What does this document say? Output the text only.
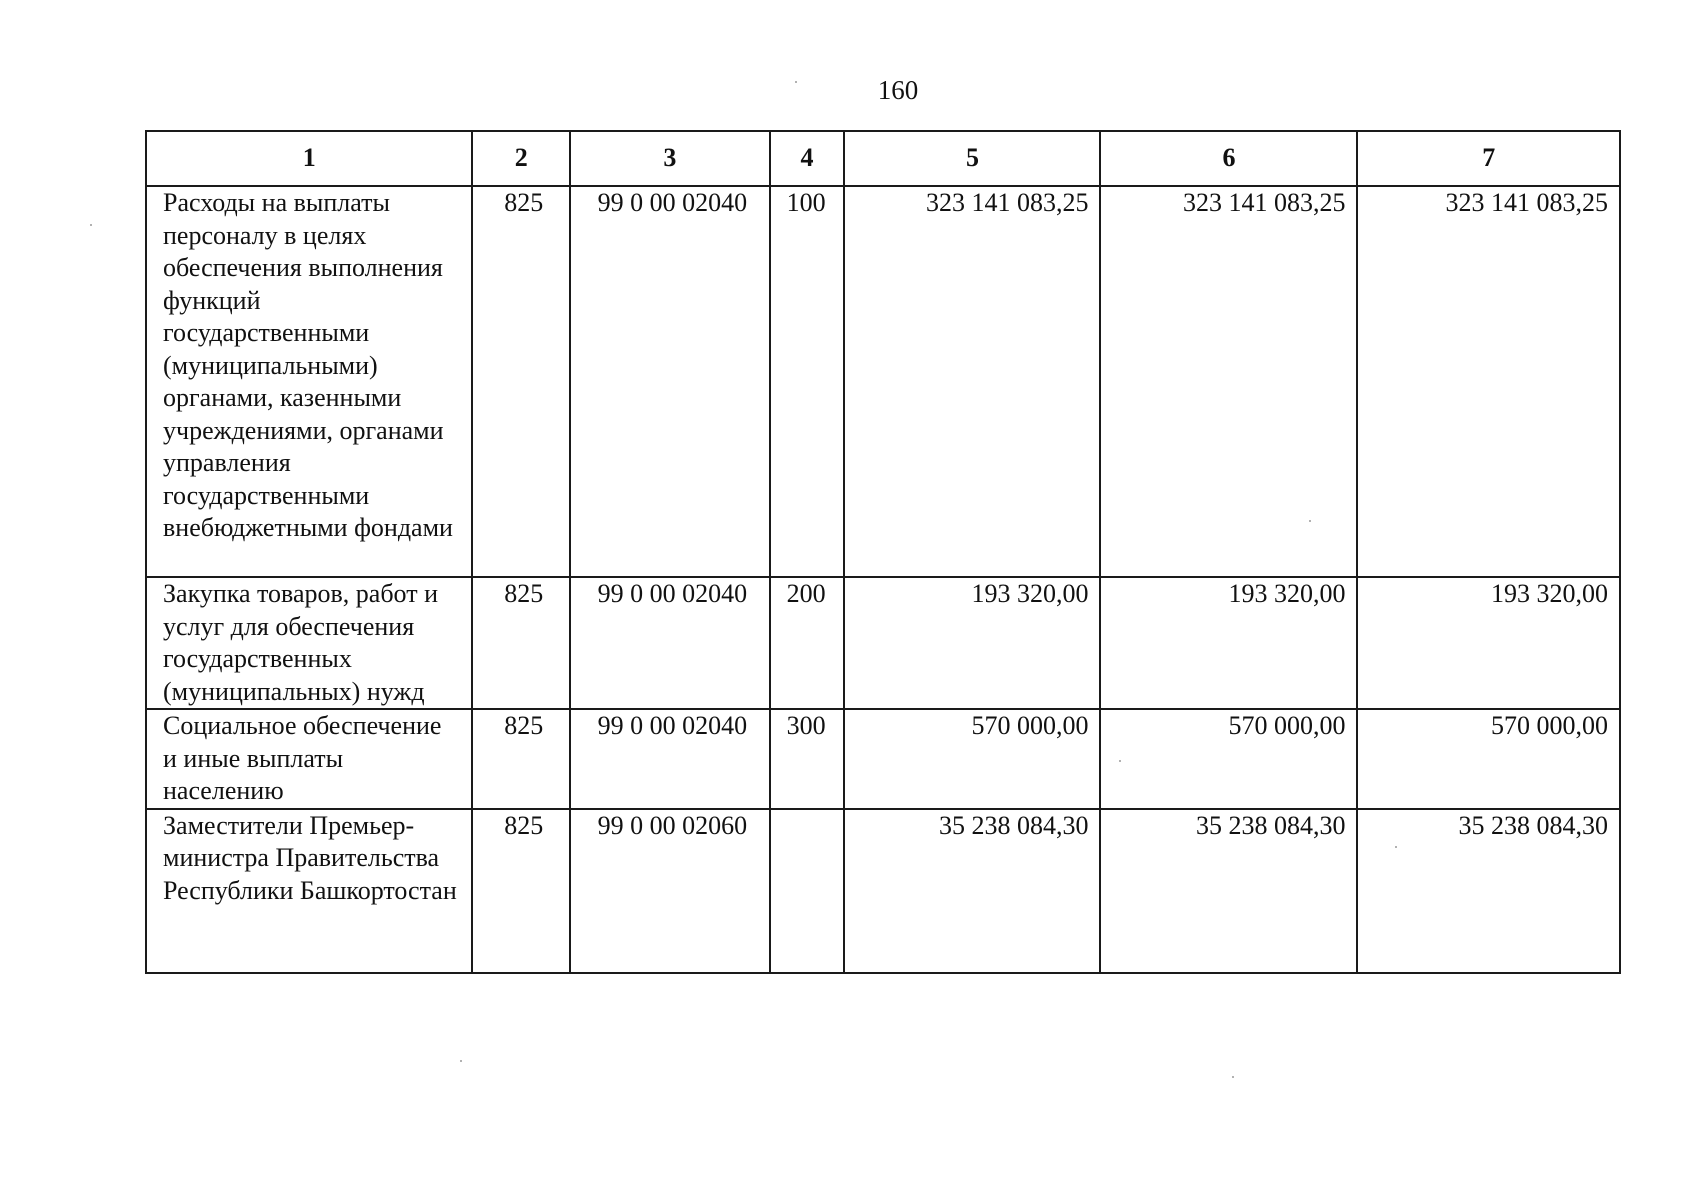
160
1	2	3	4	5	6	7
Расходы на выплаты персоналу в целях обеспечения выполнения функций государственными (муниципальными) органами, казенными учреждениями, органами управления государственными внебюджетными фондами	825	99 0 00 02040	100	323 141 083,25	323 141 083,25	323 141 083,25
Закупка товаров, работ и услуг для обеспечения государственных (муниципальных) нужд	825	99 0 00 02040	200	193 320,00	193 320,00	193 320,00
Социальное обеспечение и иные выплаты населению	825	99 0 00 02040	300	570 000,00	570 000,00	570 000,00
Заместители Премьер-министра Правительства Республики Башкортостан	825	99 0 00 02060		35 238 084,30	35 238 084,30	35 238 084,30
